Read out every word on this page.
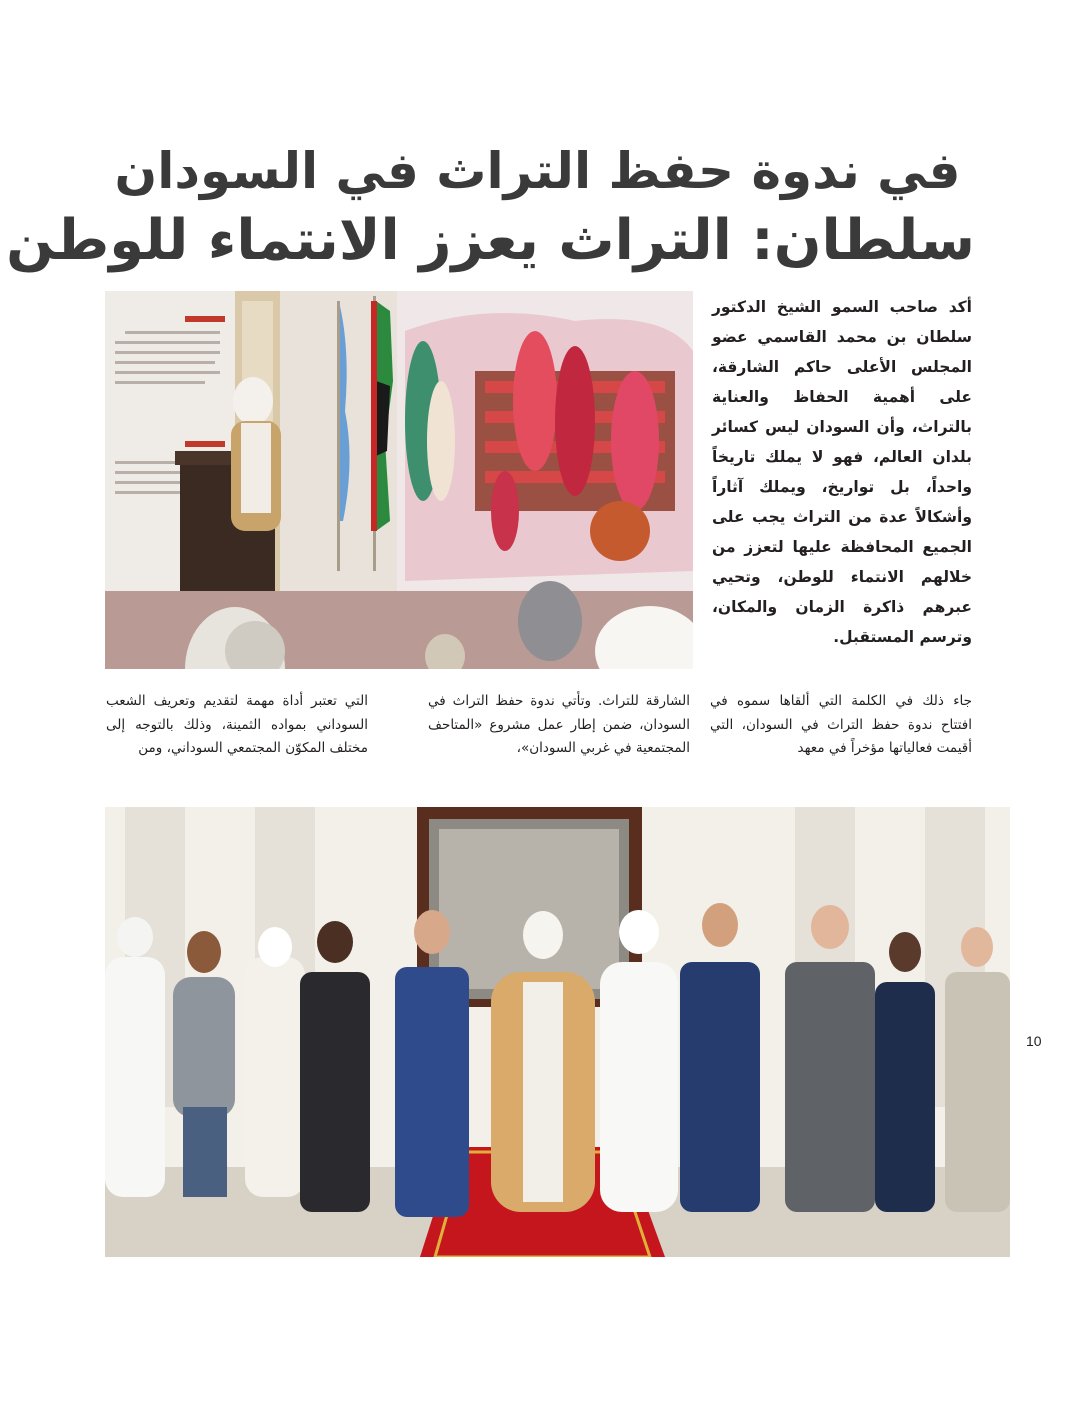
في ندوة حفظ التراث في السودان
سلطان: التراث يعزز الانتماء للوطن

أكد صاحب السمو الشيخ الدكتور سلطان بن محمد القاسمي عضو المجلس الأعلى حاكم الشارقة، على أهمية الحفاظ والعناية بالتراث، وأن السودان ليس كسائر بلدان العالم، فهو لا يملك تاريخاً واحداً، بل تواريخ، ويملك آثاراً وأشكالاً عدة من التراث يجب على الجميع المحافظة عليها لتعزز من خلالهم الانتماء للوطن، وتحيي عبرهم ذاكرة الزمان والمكان، وترسم المستقبل.

جاء ذلك في الكلمة التي ألقاها سموه في افتتاح ندوة حفظ التراث في السودان، التي أقيمت فعالياتها مؤخراً في معهد

الشارقة للتراث. وتأتي ندوة حفظ التراث في السودان، ضمن إطار عمل مشروع «المتاحف المجتمعية في غربي السودان»،

التي تعتبر أداة مهمة لتقديم وتعريف الشعب السوداني بمواده الثمينة، وذلك بالتوجه إلى مختلف المكوّن المجتمعي السوداني، ومن

10
